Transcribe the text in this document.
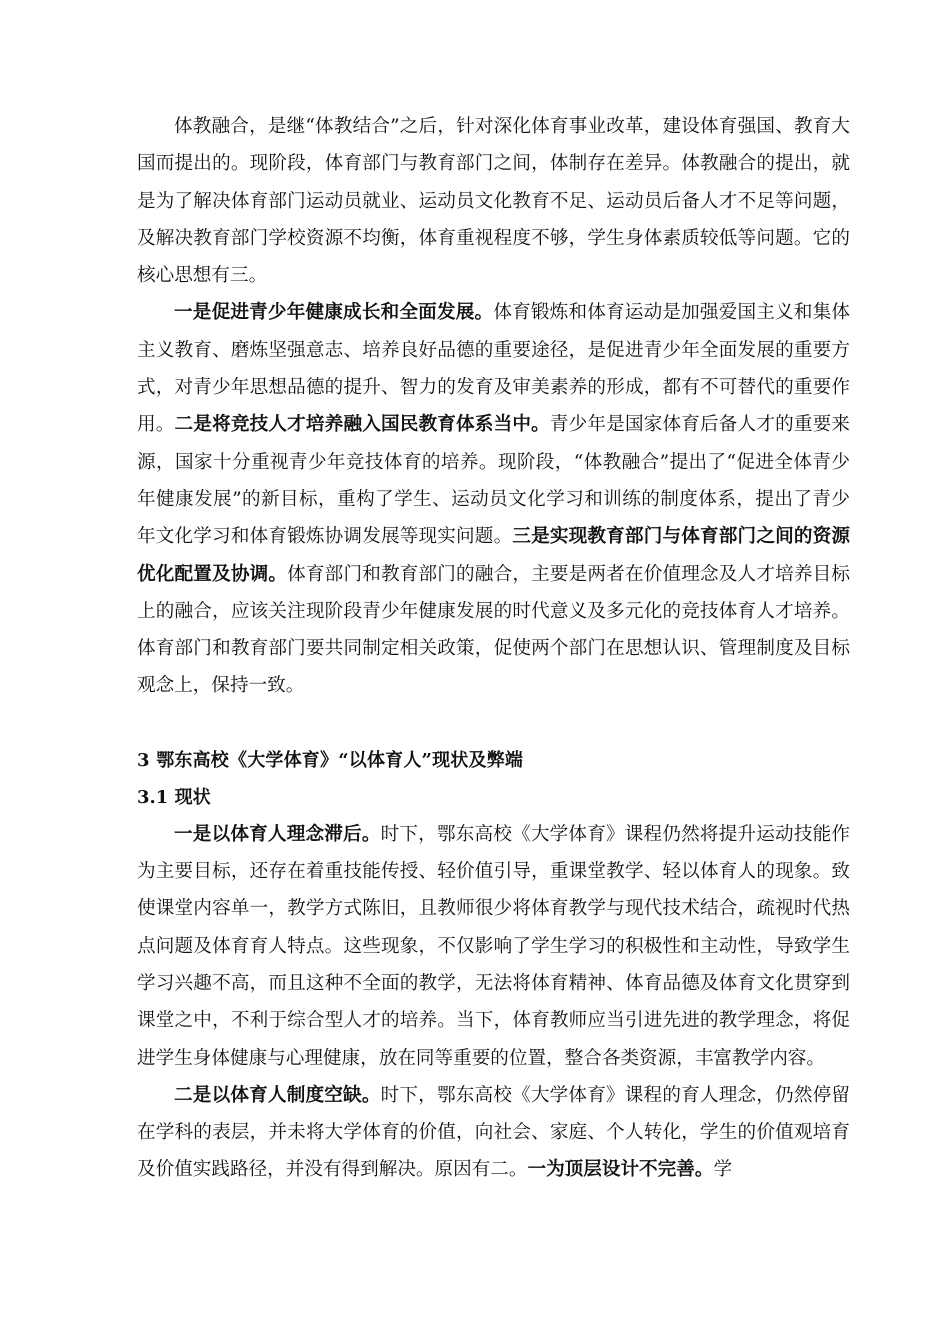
体教融合，是继“体教结合”之后，针对深化体育事业改革，建设体育强国、教育大国而提出的。现阶段，体育部门与教育部门之间，体制存在差异。体教融合的提出，就是为了解决体育部门运动员就业、运动员文化教育不足、运动员后备人才不足等问题，及解决教育部门学校资源不均衡，体育重视程度不够，学生身体素质较低等问题。它的核心思想有三。

一是促进青少年健康成长和全面发展。体育锻炼和体育运动是加强爱国主义和集体主义教育、磨炼坚强意志、培养良好品德的重要途径，是促进青少年全面发展的重要方式，对青少年思想品德的提升、智力的发育及审美素养的形成，都有不可替代的重要作用。二是将竞技人才培养融入国民教育体系当中。青少年是国家体育后备人才的重要来源，国家十分重视青少年竞技体育的培养。现阶段，“体教融合”提出了“促进全体青少年健康发展”的新目标，重构了学生、运动员文化学习和训练的制度体系，提出了青少年文化学习和体育锻炼协调发展等现实问题。三是实现教育部门与体育部门之间的资源优化配置及协调。体育部门和教育部门的融合，主要是两者在价值理念及人才培养目标上的融合，应该关注现阶段青少年健康发展的时代意义及多元化的竞技体育人才培养。体育部门和教育部门要共同制定相关政策，促使两个部门在思想认识、管理制度及目标观念上，保持一致。

3 鄂东高校《大学体育》“以体育人”现状及弊端
3.1 现状

一是以体育人理念滞后。时下，鄂东高校《大学体育》课程仍然将提升运动技能作为主要目标，还存在着重技能传授、轻价值引导，重课堂教学、轻以体育人的现象。致使课堂内容单一，教学方式陈旧，且教师很少将体育教学与现代技术结合，疏视时代热点问题及体育育人特点。这些现象，不仅影响了学生学习的积极性和主动性，导致学生学习兴趣不高，而且这种不全面的教学，无法将体育精神、体育品德及体育文化贯穿到课堂之中，不利于综合型人才的培养。当下，体育教师应当引进先进的教学理念，将促进学生身体健康与心理健康，放在同等重要的位置，整合各类资源，丰富教学内容。

二是以体育人制度空缺。时下，鄂东高校《大学体育》课程的育人理念，仍然停留在学科的表层，并未将大学体育的价值，向社会、家庭、个人转化，学生的价值观培育及价值实践路径，并没有得到解决。原因有二。一为顶层设计不完善。学
